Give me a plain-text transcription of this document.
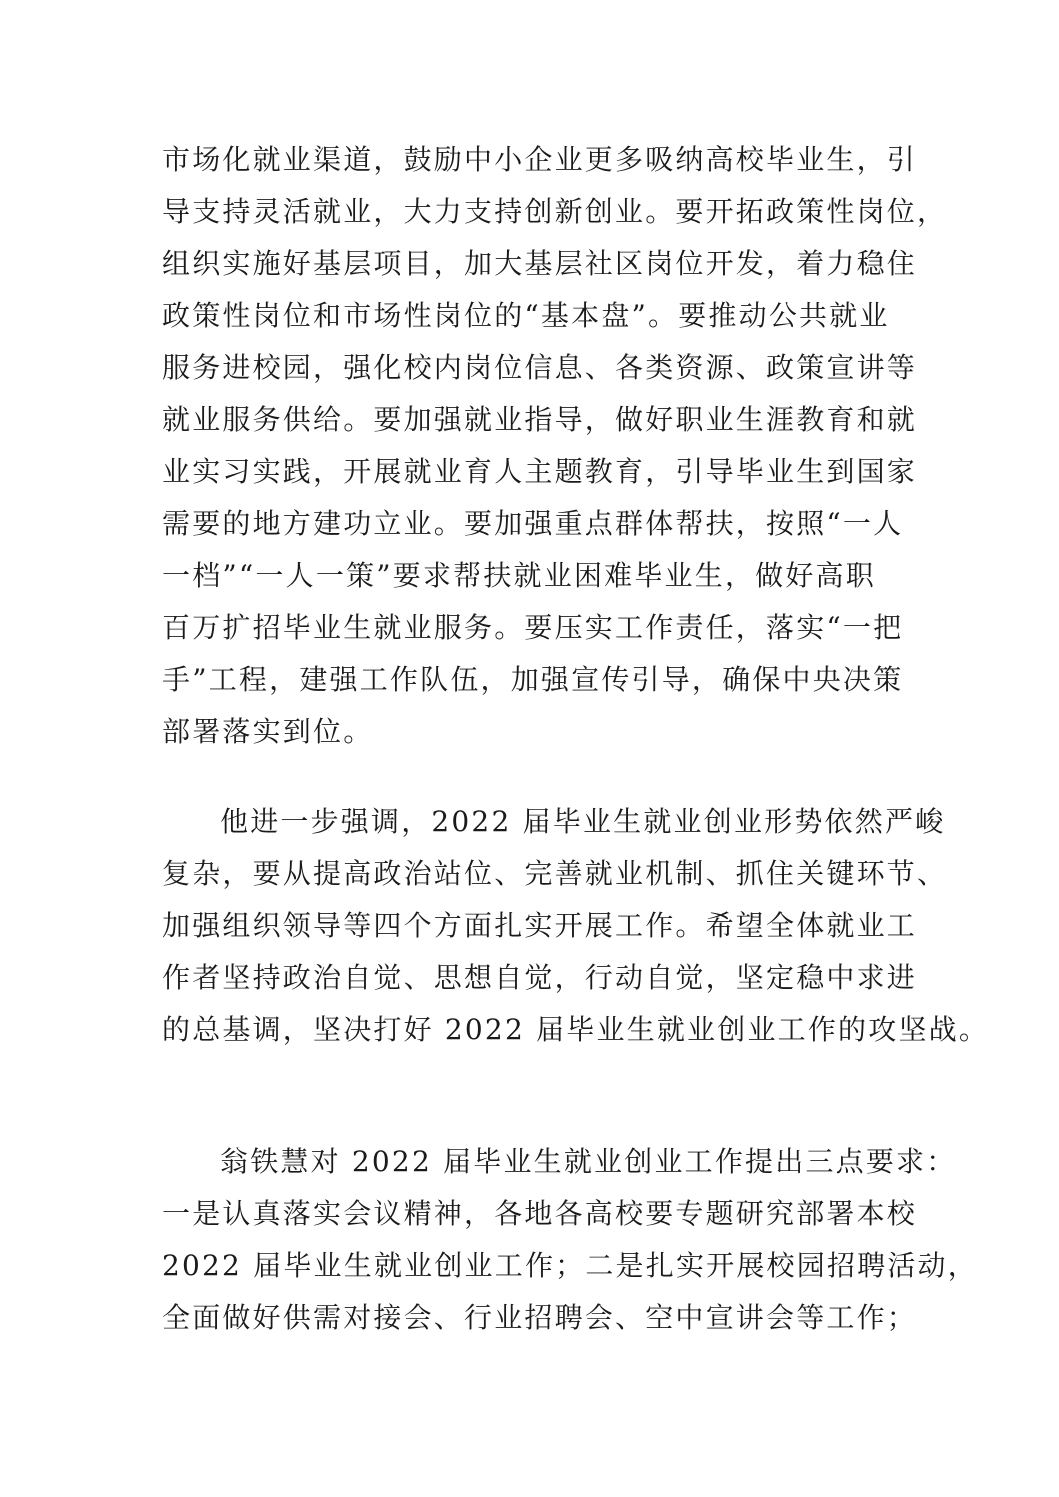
市场化就业渠道，鼓励中小企业更多吸纳高校毕业生，引
导支持灵活就业，大力支持创新创业。要开拓政策性岗位，
组织实施好基层项目，加大基层社区岗位开发，着力稳住
政策性岗位和市场性岗位的“基本盘”。要推动公共就业
服务进校园，强化校内岗位信息、各类资源、政策宣讲等
就业服务供给。要加强就业指导，做好职业生涯教育和就
业实习实践，开展就业育人主题教育，引导毕业生到国家
需要的地方建功立业。要加强重点群体帮扶，按照“一人
一档”“一人一策”要求帮扶就业困难毕业生，做好高职
百万扩招毕业生就业服务。要压实工作责任，落实“一把
手”工程，建强工作队伍，加强宣传引导，确保中央决策
部署落实到位。
他进一步强调，2022 届毕业生就业创业形势依然严峻
复杂，要从提高政治站位、完善就业机制、抓住关键环节、
加强组织领导等四个方面扎实开展工作。希望全体就业工
作者坚持政治自觉、思想自觉，行动自觉，坚定稳中求进
的总基调，坚决打好 2022 届毕业生就业创业工作的攻坚战。
翁铁慧对 2022 届毕业生就业创业工作提出三点要求：
一是认真落实会议精神，各地各高校要专题研究部署本校
2022 届毕业生就业创业工作；二是扎实开展校园招聘活动，
全面做好供需对接会、行业招聘会、空中宣讲会等工作；
